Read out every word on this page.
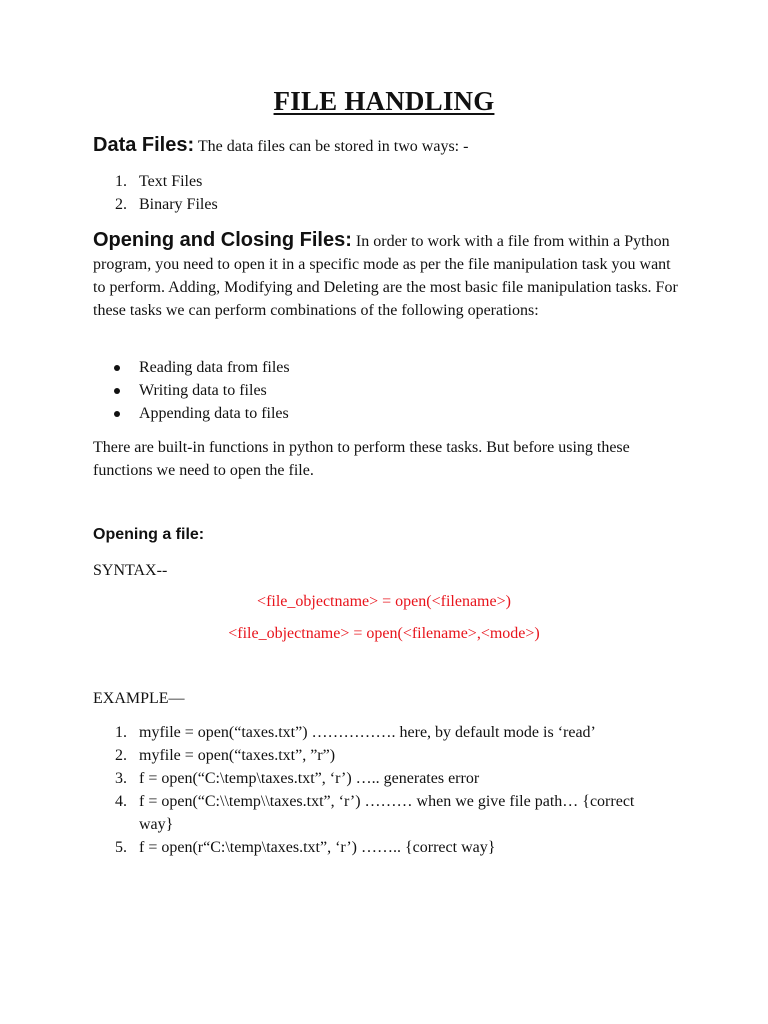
FILE HANDLING
Data Files: The data files can be stored in two ways: -
1. Text Files
2. Binary Files
Opening and Closing Files: In order to work with a file from within a Python program, you need to open it in a specific mode as per the file manipulation task you want to perform. Adding, Modifying and Deleting are the most basic file manipulation tasks. For these tasks we can perform combinations of the following operations:
Reading data from files
Writing data to files
Appending data to files
There are built-in functions in python to perform these tasks. But before using these functions we need to open the file.
Opening a file:
SYNTAX--
<file_objectname> = open(<filename>)
<file_objectname> = open(<filename>,<mode>)
EXAMPLE—
1. myfile = open(“taxes.txt”) ……………. here, by default mode is ‘read’
2. myfile = open(“taxes.txt”, ”r”)
3. f = open(“C:\temp\taxes.txt”, ‘r’) ….. generates error
4. f = open(“C:\\temp\\taxes.txt”, ‘r’) ……… when we give file path… {correct way}
5. f = open(r“C:\temp\taxes.txt”, ‘r’) …….. {correct way}
